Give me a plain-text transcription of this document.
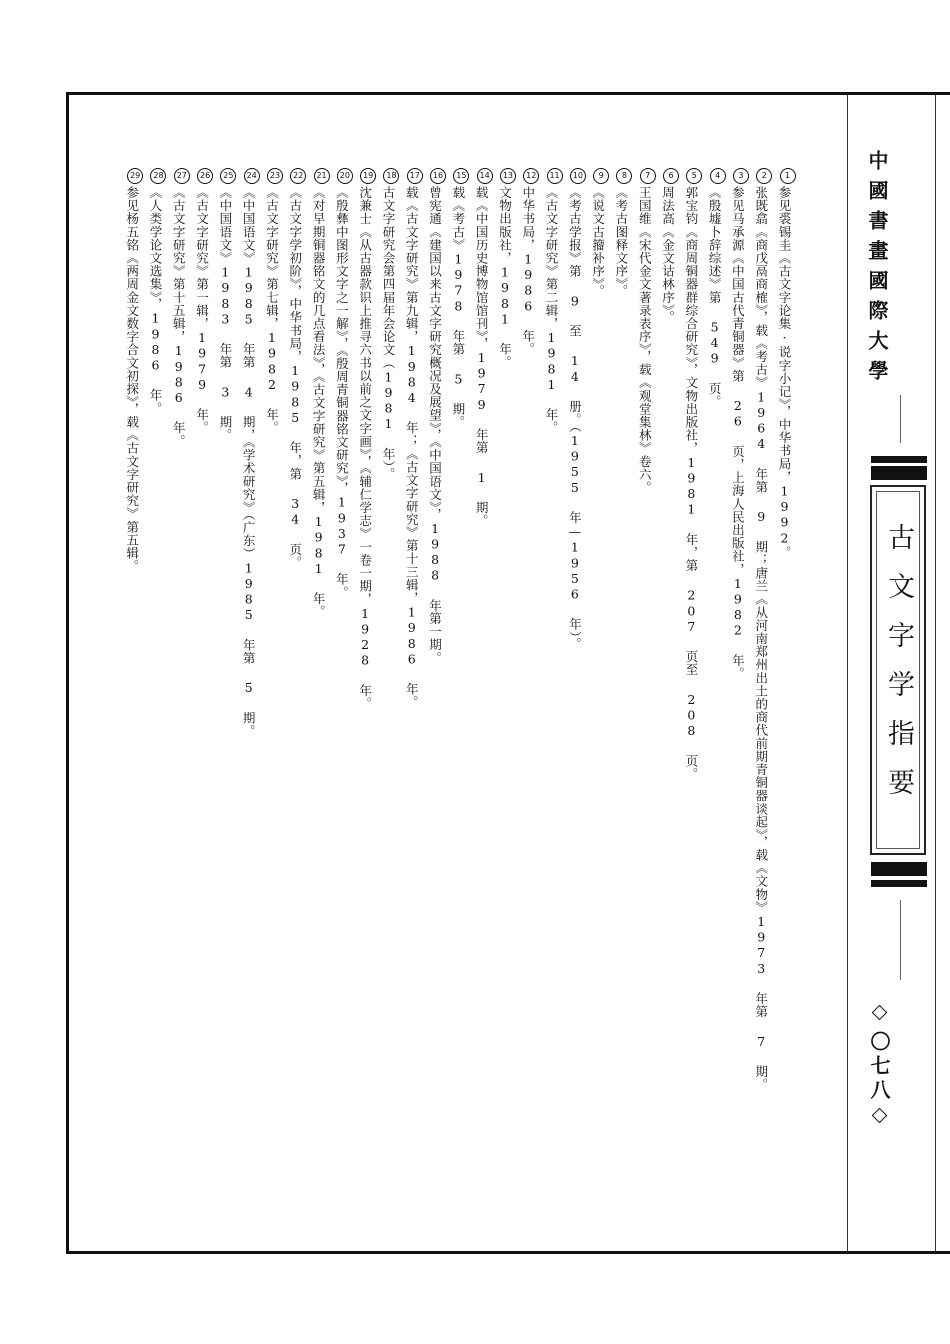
中國書畫國際大學
古文字学指要
〇七八
1参见裘锡圭《古文字论集·说字小记》，中华书局，1992。
2张既翕《商戊鬲商榷》，载《考古》1964 年第 9 期；唐兰《从河南郑州出土的商代前期青铜器谈起》，载《文物》1973 年第 7 期。
3参见马承源《中国古代青铜器》第 26 页，上海人民出版社，1982 年。
4《殷墟卜辞综述》第 549 页。
5郭宝钧《商周铜器群综合研究》，文物出版社，1981 年，第 207 页至 208 页。
6周法高《金文诂林序》。
7王国维《宋代金文著录表序》，载《观堂集林》卷六。
8《考古图释文序》。
9《说文古籀补序》。
10《考古学报》第 9 至 14 册。（1955 年—1956 年）。
11《古文字研究》第二辑，1981 年。
12中华书局，1986 年。
13文物出版社，1981 年。
14载《中国历史博物馆馆刊》，1979 年第 1 期。
15载《考古》1978 年第 5 期。
16曾宪通《建国以来古文字研究概况及展望》，《中国语文》，1988 年第一期。
17载《古文字研究》第九辑，1984 年；《古文字研究》第十三辑，1986 年。
18古文字研究会第四届年会论文（1981 年）。
19沈兼士《从古器款识上推寻六书以前之文字画》，《辅仁学志》一卷一期，1928 年。
20《殷彝中图形文字之一解》，《殷周青铜器铭文研究》，1937 年。
21《对早期铜器铭文的几点看法》，《古文字研究》第五辑，1981 年。
22《古文字学初阶》，中华书局，1985 年，第 34 页。
23《古文字研究》第七辑，1982 年。
24《中国语文》1985 年第 4 期，《学术研究》（广东）1985 年第 5 期。
25《中国语文》1983 年第 3 期。
26《古文字研究》第一辑，1979 年。
27《古文字研究》第十五辑，1986 年。
28《人类学论文选集》，1986 年。
29参见杨五铭《两周金文数字合文初探》，载《古文字研究》第五辑。
